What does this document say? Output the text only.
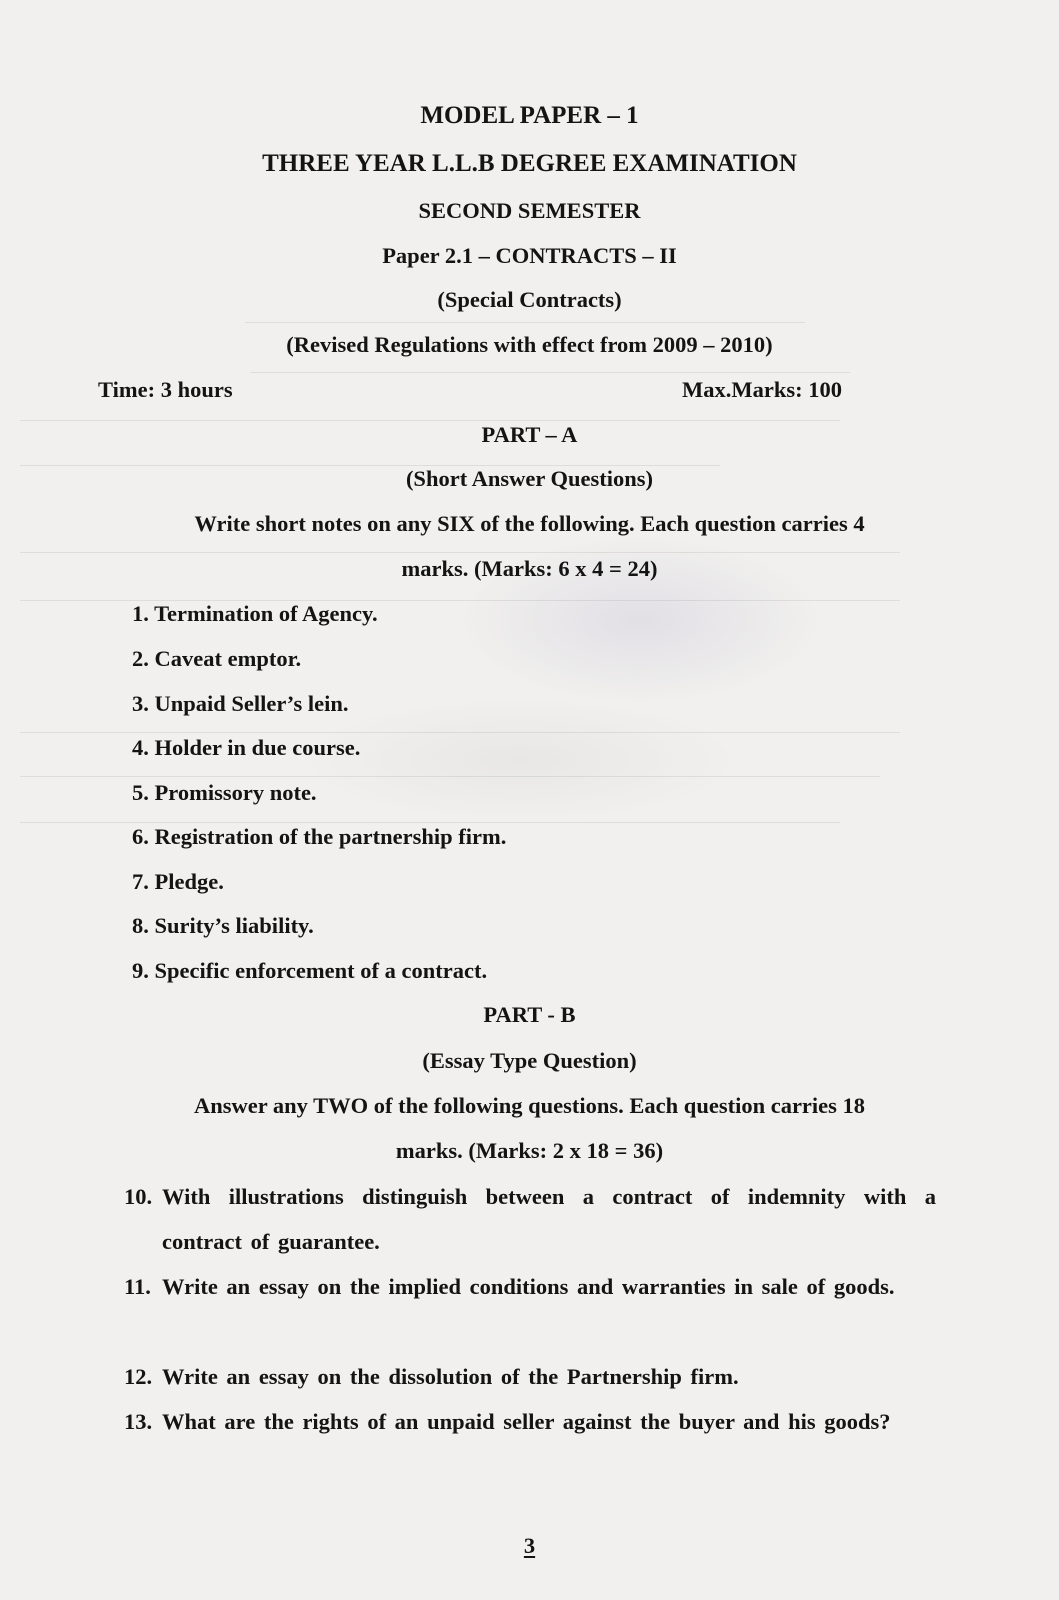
MODEL PAPER – 1
THREE YEAR L.L.B DEGREE EXAMINATION
SECOND SEMESTER
Paper 2.1 – CONTRACTS – II
(Special Contracts)
(Revised Regulations with effect from 2009 – 2010)
Time: 3 hours	Max.Marks: 100
PART – A
(Short Answer Questions)
Write short notes on any SIX of the following. Each question carries 4
marks. (Marks: 6 x 4 = 24)
1. Termination of Agency.
2. Caveat emptor.
3. Unpaid Seller’s lein.
4. Holder in due course.
5. Promissory note.
6. Registration of the partnership firm.
7. Pledge.
8. Surity’s liability.
9. Specific enforcement of a contract.
PART - B
(Essay Type Question)
Answer any TWO of the following questions. Each question carries 18
marks. (Marks: 2 x 18 = 36)
10. With illustrations distinguish between a contract of indemnity with a contract of guarantee.
11. Write an essay on the implied conditions and warranties in sale of goods.
12. Write an essay on the dissolution of the Partnership firm.
13. What are the rights of an unpaid seller against the buyer and his goods?
3
